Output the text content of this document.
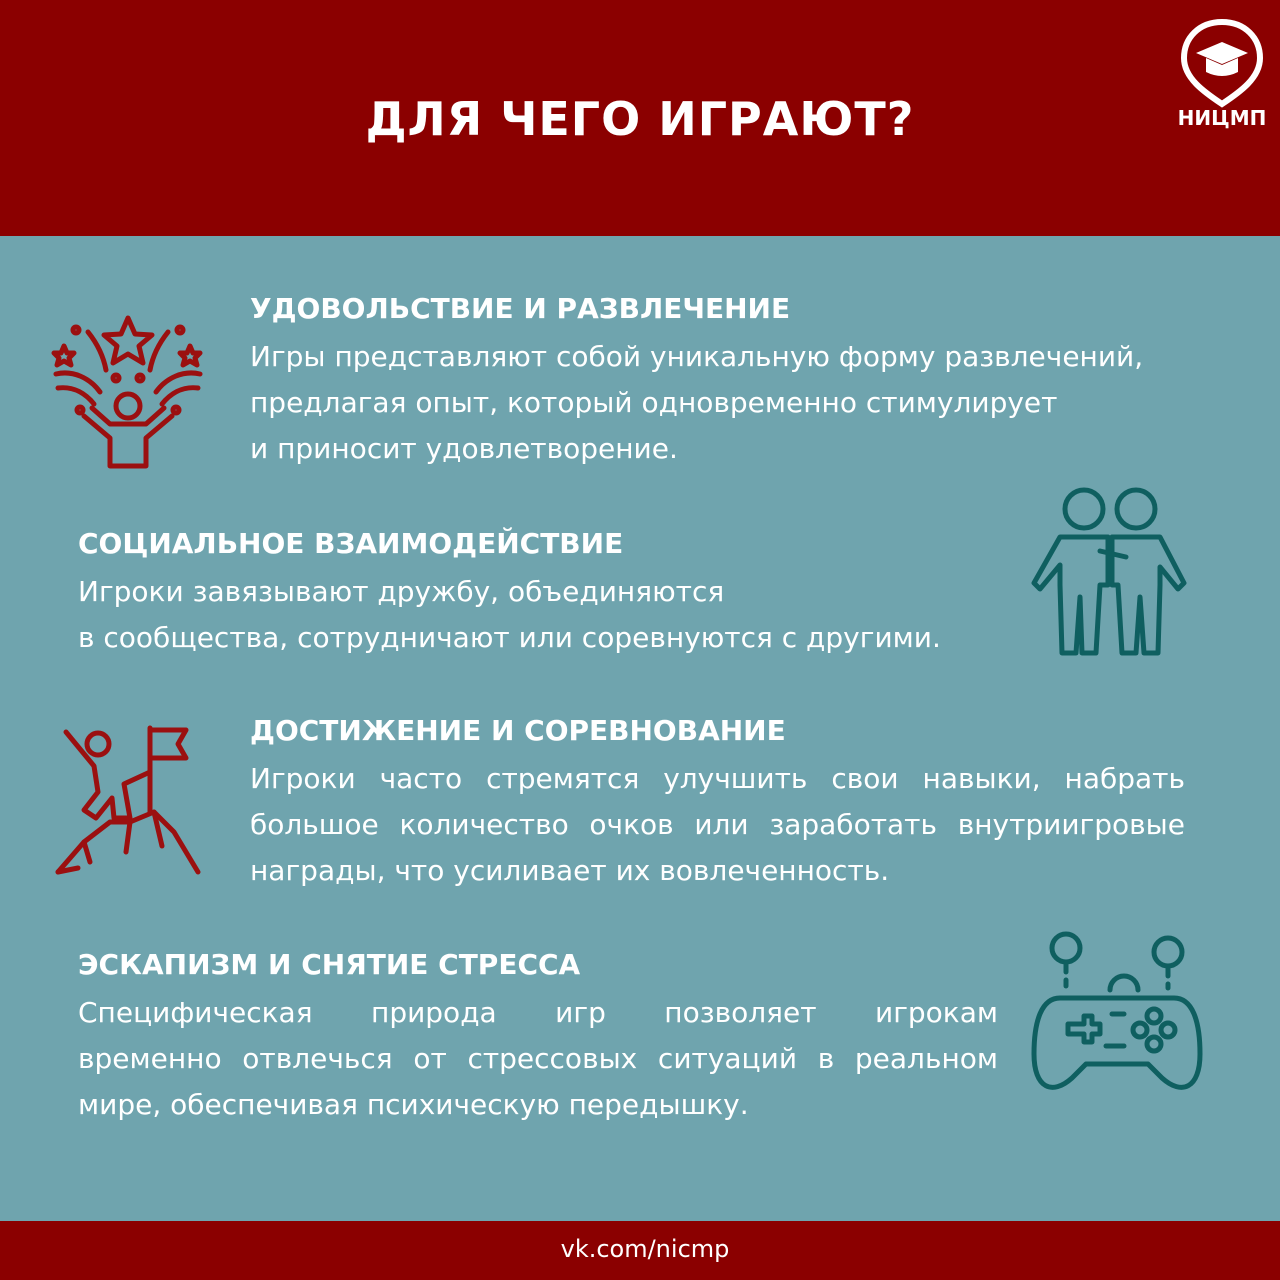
ДЛЯ ЧЕГО ИГРАЮТ?	НИЦМП
УДОВОЛЬСТВИЕ И РАЗВЛЕЧЕНИЕ
Игры представляют собой уникальную форму развлечений,
предлагая опыт, который одновременно стимулирует
и приносит удовлетворение.
СОЦИАЛЬНОЕ ВЗАИМОДЕЙСТВИЕ
Игроки завязывают дружбу, объединяются
в сообщества, сотрудничают или соревнуются с другими.
ДОСТИЖЕНИЕ И СОРЕВНОВАНИЕ
Игроки часто стремятся улучшить свои навыки, набрать
большое количество очков или заработать внутриигровые
награды, что усиливает их вовлеченность.
ЭСКАПИЗМ И СНЯТИЕ СТРЕССА
Специфическая природа игр позволяет игрокам
временно отвлечься от стрессовых ситуаций в реальном
мире, обеспечивая психическую передышку.
vk.com/nicmp
